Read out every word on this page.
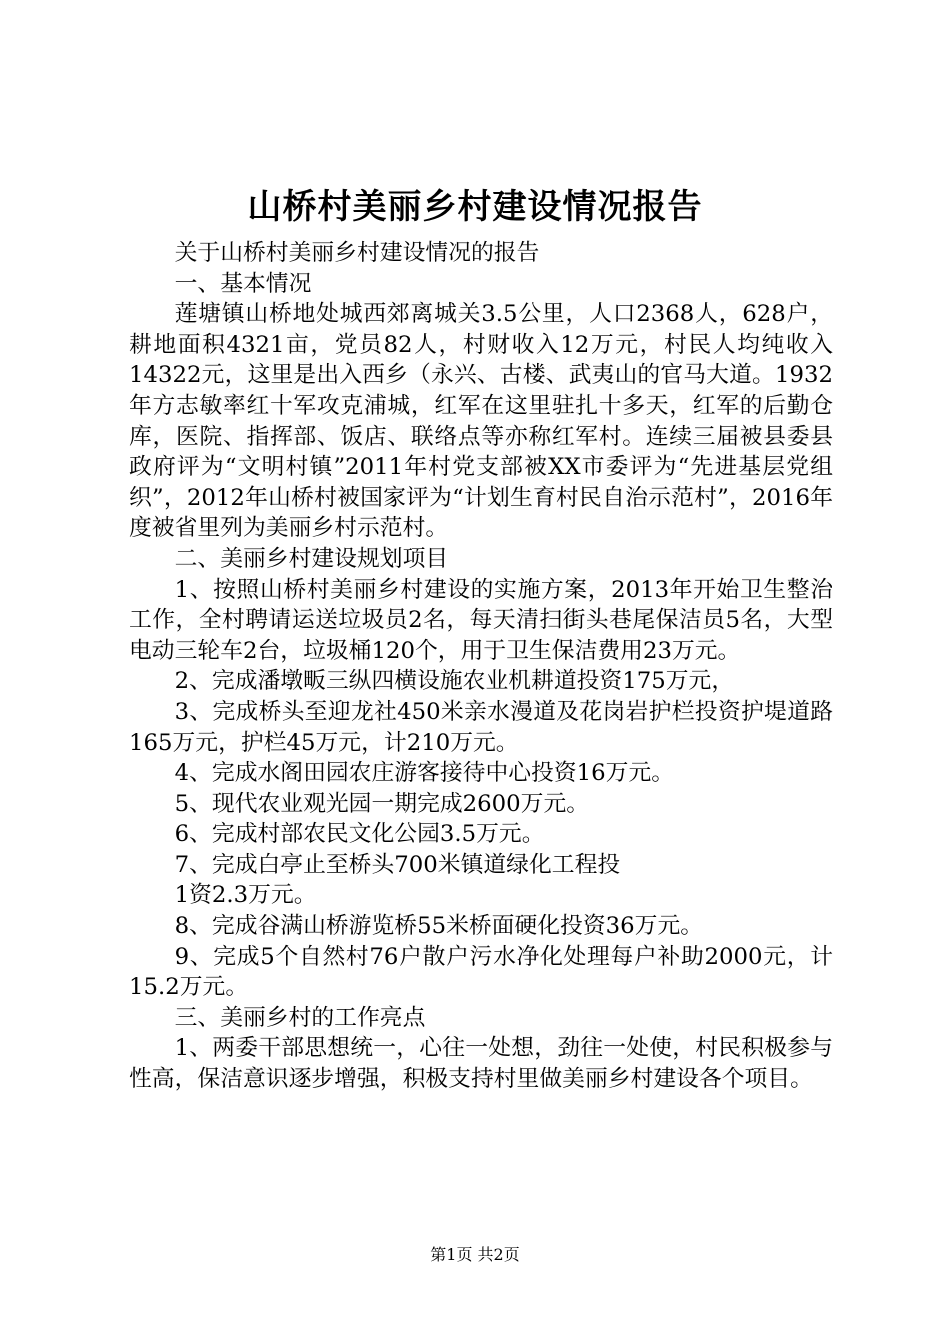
山桥村美丽乡村建设情况报告

关于山桥村美丽乡村建设情况的报告

一、基本情况

莲塘镇山桥地处城西郊离城关3.5公里，人口2368人，628户，耕地面积4321亩，党员82人，村财收入12万元，村民人均纯收入14322元，这里是出入西乡（永兴、古楼、武夷山的官马大道。1932年方志敏率红十军攻克浦城，红军在这里驻扎十多天，红军的后勤仓库，医院、指挥部、饭店、联络点等亦称红军村。连续三届被县委县政府评为“文明村镇”2011年村党支部被XX市委评为“先进基层党组织”，2012年山桥村被国家评为“计划生育村民自治示范村”，2016年度被省里列为美丽乡村示范村。

二、美丽乡村建设规划项目

1、按照山桥村美丽乡村建设的实施方案，2013年开始卫生整治工作，全村聘请运送垃圾员2名，每天清扫街头巷尾保洁员5名，大型电动三轮车2台，垃圾桶120个，用于卫生保洁费用23万元。

2、完成潘墩畈三纵四横设施农业机耕道投资175万元，

3、完成桥头至迎龙社450米亲水漫道及花岗岩护栏投资护堤道路165万元，护栏45万元，计210万元。

4、完成水阁田园农庄游客接待中心投资16万元。

5、现代农业观光园一期完成2600万元。

6、完成村部农民文化公园3.5万元。

7、完成白亭止至桥头700米镇道绿化工程投

1资2.3万元。

8、完成谷满山桥游览桥55米桥面硬化投资36万元。

9、完成5个自然村76户散户污水净化处理每户补助2000元，计15.2万元。

三、美丽乡村的工作亮点

1、两委干部思想统一，心往一处想，劲往一处使，村民积极参与性高，保洁意识逐步增强，积极支持村里做美丽乡村建设各个项目。

第1页 共2页
